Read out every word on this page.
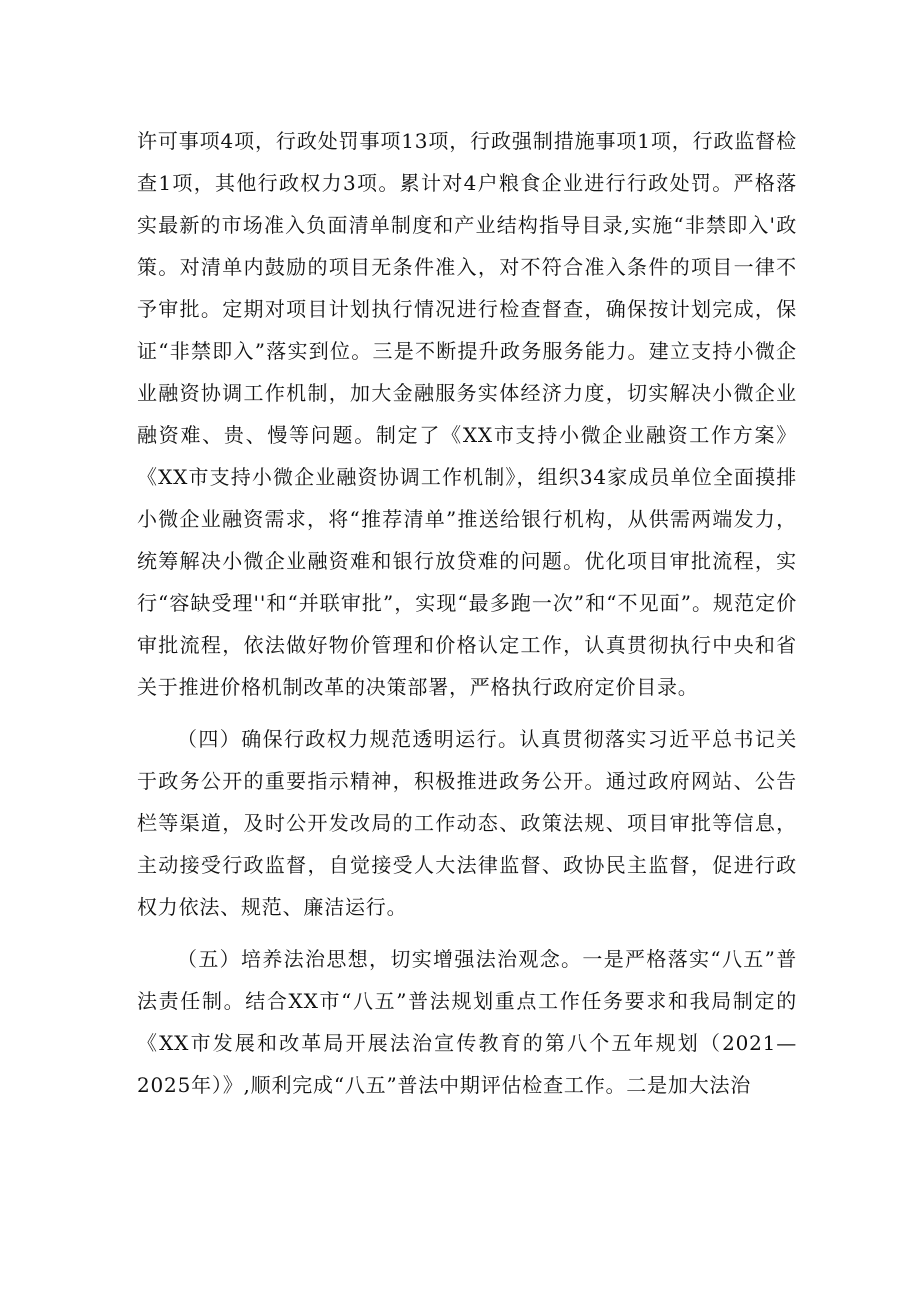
许可事项4项，行政处罚事项13项，行政强制措施事项1项，行政监督检查1项，其他行政权力3项。累计对4户粮食企业进行行政处罚。严格落实最新的市场准入负面清单制度和产业结构指导目录,实施“非禁即入'政策。对清单内鼓励的项目无条件准入，对不符合准入条件的项目一律不予审批。定期对项目计划执行情况进行检查督查，确保按计划完成，保证“非禁即入”落实到位。三是不断提升政务服务能力。建立支持小微企业融资协调工作机制，加大金融服务实体经济力度，切实解决小微企业融资难、贵、慢等问题。制定了《XX市支持小微企业融资工作方案》《XX市支持小微企业融资协调工作机制》，组织34家成员单位全面摸排小微企业融资需求，将“推荐清单”推送给银行机构，从供需两端发力，统筹解决小微企业融资难和银行放贷难的问题。优化项目审批流程，实行“容缺受理''和“并联审批”，实现“最多跑一次”和“不见面”。规范定价审批流程，依法做好物价管理和价格认定工作，认真贯彻执行中央和省关于推进价格机制改革的决策部署，严格执行政府定价目录。

（四）确保行政权力规范透明运行。认真贯彻落实习近平总书记关于政务公开的重要指示精神，积极推进政务公开。通过政府网站、公告栏等渠道，及时公开发改局的工作动态、政策法规、项目审批等信息，主动接受行政监督，自觉接受人大法律监督、政协民主监督，促进行政权力依法、规范、廉洁运行。

（五）培养法治思想，切实增强法治观念。一是严格落实“八五”普法责任制。结合XX市“八五”普法规划重点工作任务要求和我局制定的《XX市发展和改革局开展法治宣传教育的第八个五年规划（2021—2025年）》,顺利完成“八五”普法中期评估检查工作。二是加大法治
